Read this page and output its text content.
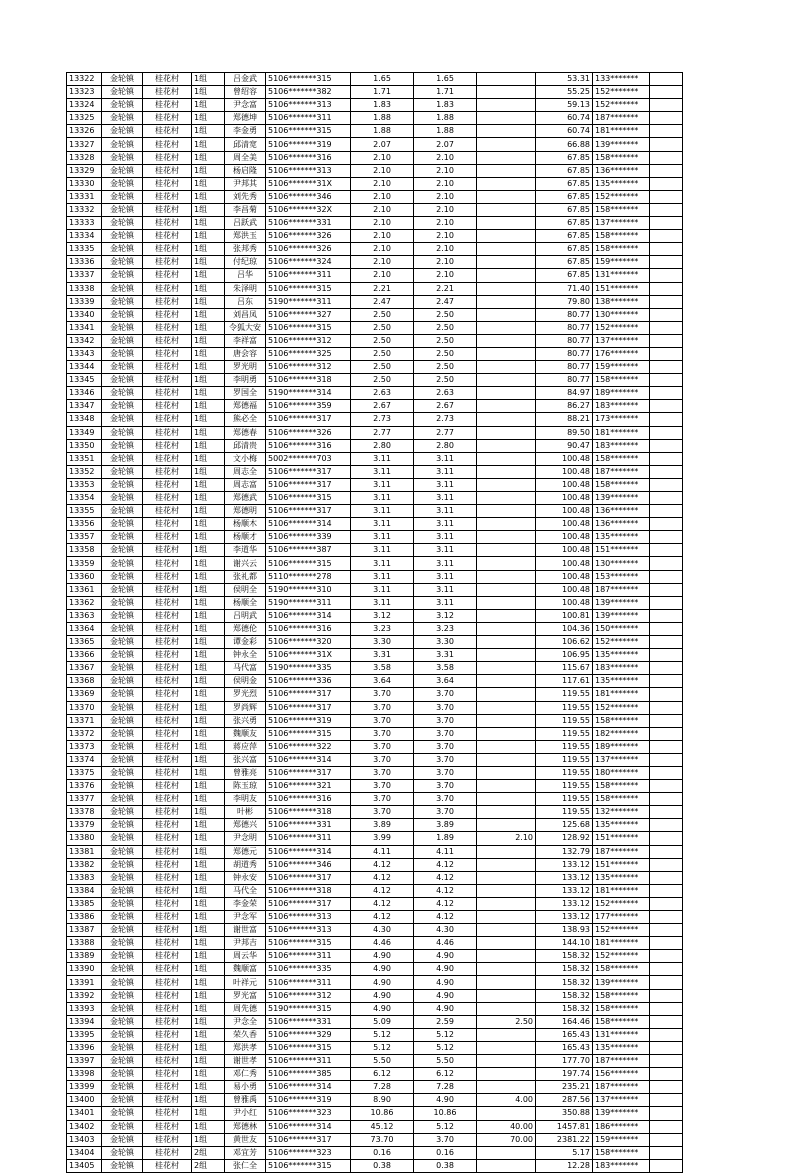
13322	金轮镇	桂花村	1组	吕金武	5106*******315	1.65	1.65		53.31	133*******	
13323	金轮镇	桂花村	1组	曾绍容	5106*******382	1.71	1.71		55.25	152*******	
13324	金轮镇	桂花村	1组	尹念富	5106*******313	1.83	1.83		59.13	152*******	
13325	金轮镇	桂花村	1组	郑德坤	5106*******311	1.88	1.88		60.74	187*******	
13326	金轮镇	桂花村	1组	李金勇	5106*******315	1.88	1.88		60.74	181*******	
13327	金轮镇	桂花村	1组	邱清宽	5106*******319	2.07	2.07		66.88	139*******	
13328	金轮镇	桂花村	1组	周全美	5106*******316	2.10	2.10		67.85	158*******	
13329	金轮镇	桂花村	1组	杨启隆	5106*******313	2.10	2.10		67.85	136*******	
13330	金轮镇	桂花村	1组	尹邦其	5106*******31X	2.10	2.10		67.85	135*******	
13331	金轮镇	桂花村	1组	刘先秀	5106*******346	2.10	2.10		67.85	152*******	
13332	金轮镇	桂花村	1组	李昌菊	5106*******32X	2.10	2.10		67.85	158*******	
13333	金轮镇	桂花村	1组	吕跃武	5106*******331	2.10	2.10		67.85	137*******	
13334	金轮镇	桂花村	1组	郑洪玉	5106*******326	2.10	2.10		67.85	158*******	
13335	金轮镇	桂花村	1组	张邦秀	5106*******326	2.10	2.10		67.85	158*******	
13336	金轮镇	桂花村	1组	付纪琼	5106*******324	2.10	2.10		67.85	159*******	
13337	金轮镇	桂花村	1组	吕华	5106*******311	2.10	2.10		67.85	131*******	
13338	金轮镇	桂花村	1组	朱泽明	5106*******315	2.21	2.21		71.40	151*******	
13339	金轮镇	桂花村	1组	吕东	5190*******311	2.47	2.47		79.80	138*******	
13340	金轮镇	桂花村	1组	刘昌凤	5106*******327	2.50	2.50		80.77	130*******	
13341	金轮镇	桂花村	1组	令狐大安	5106*******315	2.50	2.50		80.77	152*******	
13342	金轮镇	桂花村	1组	李祥富	5106*******312	2.50	2.50		80.77	137*******	
13343	金轮镇	桂花村	1组	唐会容	5106*******325	2.50	2.50		80.77	176*******	
13344	金轮镇	桂花村	1组	罗光明	5106*******312	2.50	2.50		80.77	159*******	
13345	金轮镇	桂花村	1组	李明勇	5106*******318	2.50	2.50		80.77	158*******	
13346	金轮镇	桂花村	1组	罗国全	5190*******314	2.63	2.63		84.97	189*******	
13347	金轮镇	桂花村	1组	郑德福	5106*******359	2.67	2.67		86.27	183*******	
13348	金轮镇	桂花村	1组	熊必全	5106*******317	2.73	2.73		88.21	173*******	
13349	金轮镇	桂花村	1组	郑德春	5106*******326	2.77	2.77		89.50	181*******	
13350	金轮镇	桂花村	1组	邱清贵	5106*******316	2.80	2.80		90.47	183*******	
13351	金轮镇	桂花村	1组	文小梅	5002*******703	3.11	3.11		100.48	158*******	
13352	金轮镇	桂花村	1组	周志全	5106*******317	3.11	3.11		100.48	187*******	
13353	金轮镇	桂花村	1组	周志富	5106*******317	3.11	3.11		100.48	158*******	
13354	金轮镇	桂花村	1组	郑德武	5106*******315	3.11	3.11		100.48	139*******	
13355	金轮镇	桂花村	1组	郑德明	5106*******317	3.11	3.11		100.48	136*******	
13356	金轮镇	桂花村	1组	杨顺木	5106*******314	3.11	3.11		100.48	136*******	
13357	金轮镇	桂花村	1组	杨顺才	5106*******339	3.11	3.11		100.48	135*******	
13358	金轮镇	桂花村	1组	李道华	5106*******387	3.11	3.11		100.48	151*******	
13359	金轮镇	桂花村	1组	谢兴云	5106*******315	3.11	3.11		100.48	130*******	
13360	金轮镇	桂花村	1组	张礼都	5110*******278	3.11	3.11		100.48	153*******	
13361	金轮镇	桂花村	1组	侯明全	5190*******310	3.11	3.11		100.48	187*******	
13362	金轮镇	桂花村	1组	杨顺全	5190*******311	3.11	3.11		100.48	139*******	
13363	金轮镇	桂花村	1组	吕明武	5106*******314	3.12	3.12		100.81	139*******	
13364	金轮镇	桂花村	1组	郑德伦	5106*******316	3.23	3.23		104.36	150*******	
13365	金轮镇	桂花村	1组	谭金彩	5106*******320	3.30	3.30		106.62	152*******	
13366	金轮镇	桂花村	1组	钟永全	5106*******31X	3.31	3.31		106.95	135*******	
13367	金轮镇	桂花村	1组	马代富	5190*******335	3.58	3.58		115.67	183*******	
13368	金轮镇	桂花村	1组	侯明金	5106*******336	3.64	3.64		117.61	135*******	
13369	金轮镇	桂花村	1组	罗光烈	5106*******317	3.70	3.70		119.55	181*******	
13370	金轮镇	桂花村	1组	罗尚辉	5106*******317	3.70	3.70		119.55	152*******	
13371	金轮镇	桂花村	1组	张兴勇	5106*******319	3.70	3.70		119.55	158*******	
13372	金轮镇	桂花村	1组	魏顺友	5106*******315	3.70	3.70		119.55	182*******	
13373	金轮镇	桂花村	1组	蒋应萍	5106*******322	3.70	3.70		119.55	189*******	
13374	金轮镇	桂花村	1组	张兴富	5106*******314	3.70	3.70		119.55	137*******	
13375	金轮镇	桂花村	1组	曾雅亮	5106*******317	3.70	3.70		119.55	180*******	
13376	金轮镇	桂花村	1组	陈玉琼	5106*******321	3.70	3.70		119.55	158*******	
13377	金轮镇	桂花村	1组	李明友	5106*******316	3.70	3.70		119.55	158*******	
13378	金轮镇	桂花村	1组	叶彬	5106*******318	3.70	3.70		119.55	132*******	
13379	金轮镇	桂花村	1组	郑德兴	5106*******331	3.89	3.89		125.68	135*******	
13380	金轮镇	桂花村	1组	尹念明	5106*******311	3.99	1.89	2.10	128.92	151*******	
13381	金轮镇	桂花村	1组	郑德元	5106*******314	4.11	4.11		132.79	187*******	
13382	金轮镇	桂花村	1组	胡道秀	5106*******346	4.12	4.12		133.12	151*******	
13383	金轮镇	桂花村	1组	钟永安	5106*******317	4.12	4.12		133.12	135*******	
13384	金轮镇	桂花村	1组	马代全	5106*******318	4.12	4.12		133.12	181*******	
13385	金轮镇	桂花村	1组	李金荣	5106*******317	4.12	4.12		133.12	152*******	
13386	金轮镇	桂花村	1组	尹念军	5106*******313	4.12	4.12		133.12	177*******	
13387	金轮镇	桂花村	1组	谢世富	5106*******313	4.30	4.30		138.93	152*******	
13388	金轮镇	桂花村	1组	尹邦吉	5106*******315	4.46	4.46		144.10	181*******	
13389	金轮镇	桂花村	1组	周云华	5106*******311	4.90	4.90		158.32	152*******	
13390	金轮镇	桂花村	1组	魏顺富	5106*******335	4.90	4.90		158.32	158*******	
13391	金轮镇	桂花村	1组	叶祥元	5106*******311	4.90	4.90		158.32	139*******	
13392	金轮镇	桂花村	1组	罗光富	5106*******312	4.90	4.90		158.32	158*******	
13393	金轮镇	桂花村	1组	周先德	5190*******315	4.90	4.90		158.32	158*******	
13394	金轮镇	桂花村	1组	尹念全	5106*******331	5.09	2.59	2.50	164.46	158*******	
13395	金轮镇	桂花村	1组	荣久香	5106*******329	5.12	5.12		165.43	131*******	
13396	金轮镇	桂花村	1组	郑洪孝	5106*******315	5.12	5.12		165.43	135*******	
13397	金轮镇	桂花村	1组	谢世孝	5106*******311	5.50	5.50		177.70	187*******	
13398	金轮镇	桂花村	1组	邓仁秀	5106*******385	6.12	6.12		197.74	156*******	
13399	金轮镇	桂花村	1组	易小勇	5106*******314	7.28	7.28		235.21	187*******	
13400	金轮镇	桂花村	1组	曾雅禹	5106*******319	8.90	4.90	4.00	287.56	137*******	
13401	金轮镇	桂花村	1组	尹小红	5106*******323	10.86	10.86		350.88	139*******	
13402	金轮镇	桂花村	1组	郑德林	5106*******314	45.12	5.12	40.00	1457.81	186*******	
13403	金轮镇	桂花村	1组	黄世友	5106*******317	73.70	3.70	70.00	2381.22	159*******	
13404	金轮镇	桂花村	2组	邓宜芳	5106*******323	0.16	0.16		5.17	158*******	
13405	金轮镇	桂花村	2组	张仁全	5106*******315	0.38	0.38		12.28	183*******	
